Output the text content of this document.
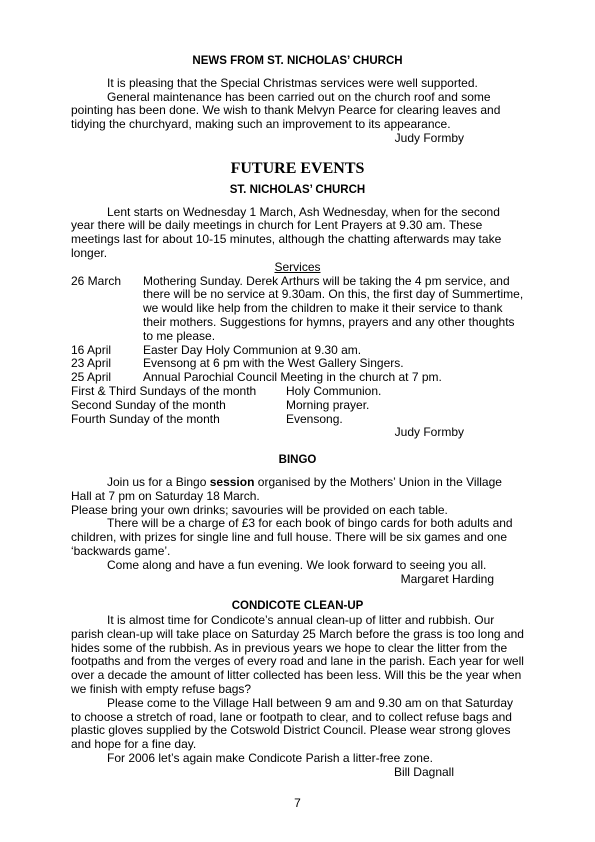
NEWS FROM ST. NICHOLAS’ CHURCH

It is pleasing that the Special Christmas services were well supported.

General maintenance has been carried out on the church roof and some pointing has been done. We wish to thank Melvyn Pearce for clearing leaves and tidying the churchyard, making such an improvement to its appearance.

Judy Formby

FUTURE EVENTS

ST. NICHOLAS’ CHURCH

Lent starts on Wednesday 1 March, Ash Wednesday, when for the second year there will be daily meetings in church for Lent Prayers at 9.30 am. These meetings last for about 10-15 minutes, although the chatting afterwards may take longer.

Services

26 March	Mothering Sunday. Derek Arthurs will be taking the 4 pm service, and there will be no service at 9.30am. On this, the first day of Summertime, we would like help from the children to make it their service to thank their mothers. Suggestions for hymns, prayers and any other thoughts to me please.
16 April	Easter Day Holy Communion at 9.30 am.
23 April	Evensong at 6 pm with the West Gallery Singers.
25 April	Annual Parochial Council Meeting in the church at 7 pm.
First & Third Sundays of the month	Holy Communion.
Second Sunday of the month	Morning prayer.
Fourth Sunday of the month	Evensong.

Judy Formby

BINGO

Join us for a Bingo session organised by the Mothers’ Union in the Village Hall at 7 pm on Saturday 18 March.

Please bring your own drinks; savouries will be provided on each table.

There will be a charge of £3 for each book of bingo cards for both adults and children, with prizes for single line and full house. There will be six games and one ‘backwards game’.

Come along and have a fun evening. We look forward to seeing you all.

Margaret Harding

CONDICOTE CLEAN-UP

It is almost time for Condicote’s annual clean-up of litter and rubbish. Our parish clean-up will take place on Saturday 25 March before the grass is too long and hides some of the rubbish. As in previous years we hope to clear the litter from the footpaths and from the verges of every road and lane in the parish. Each year for well over a decade the amount of litter collected has been less. Will this be the year when we finish with empty refuse bags?

Please come to the Village Hall between 9 am and 9.30 am on that Saturday to choose a stretch of road, lane or footpath to clear, and to collect refuse bags and plastic gloves supplied by the Cotswold District Council. Please wear strong gloves and hope for a fine day.

For 2006 let’s again make Condicote Parish a litter-free zone.

Bill Dagnall

7
